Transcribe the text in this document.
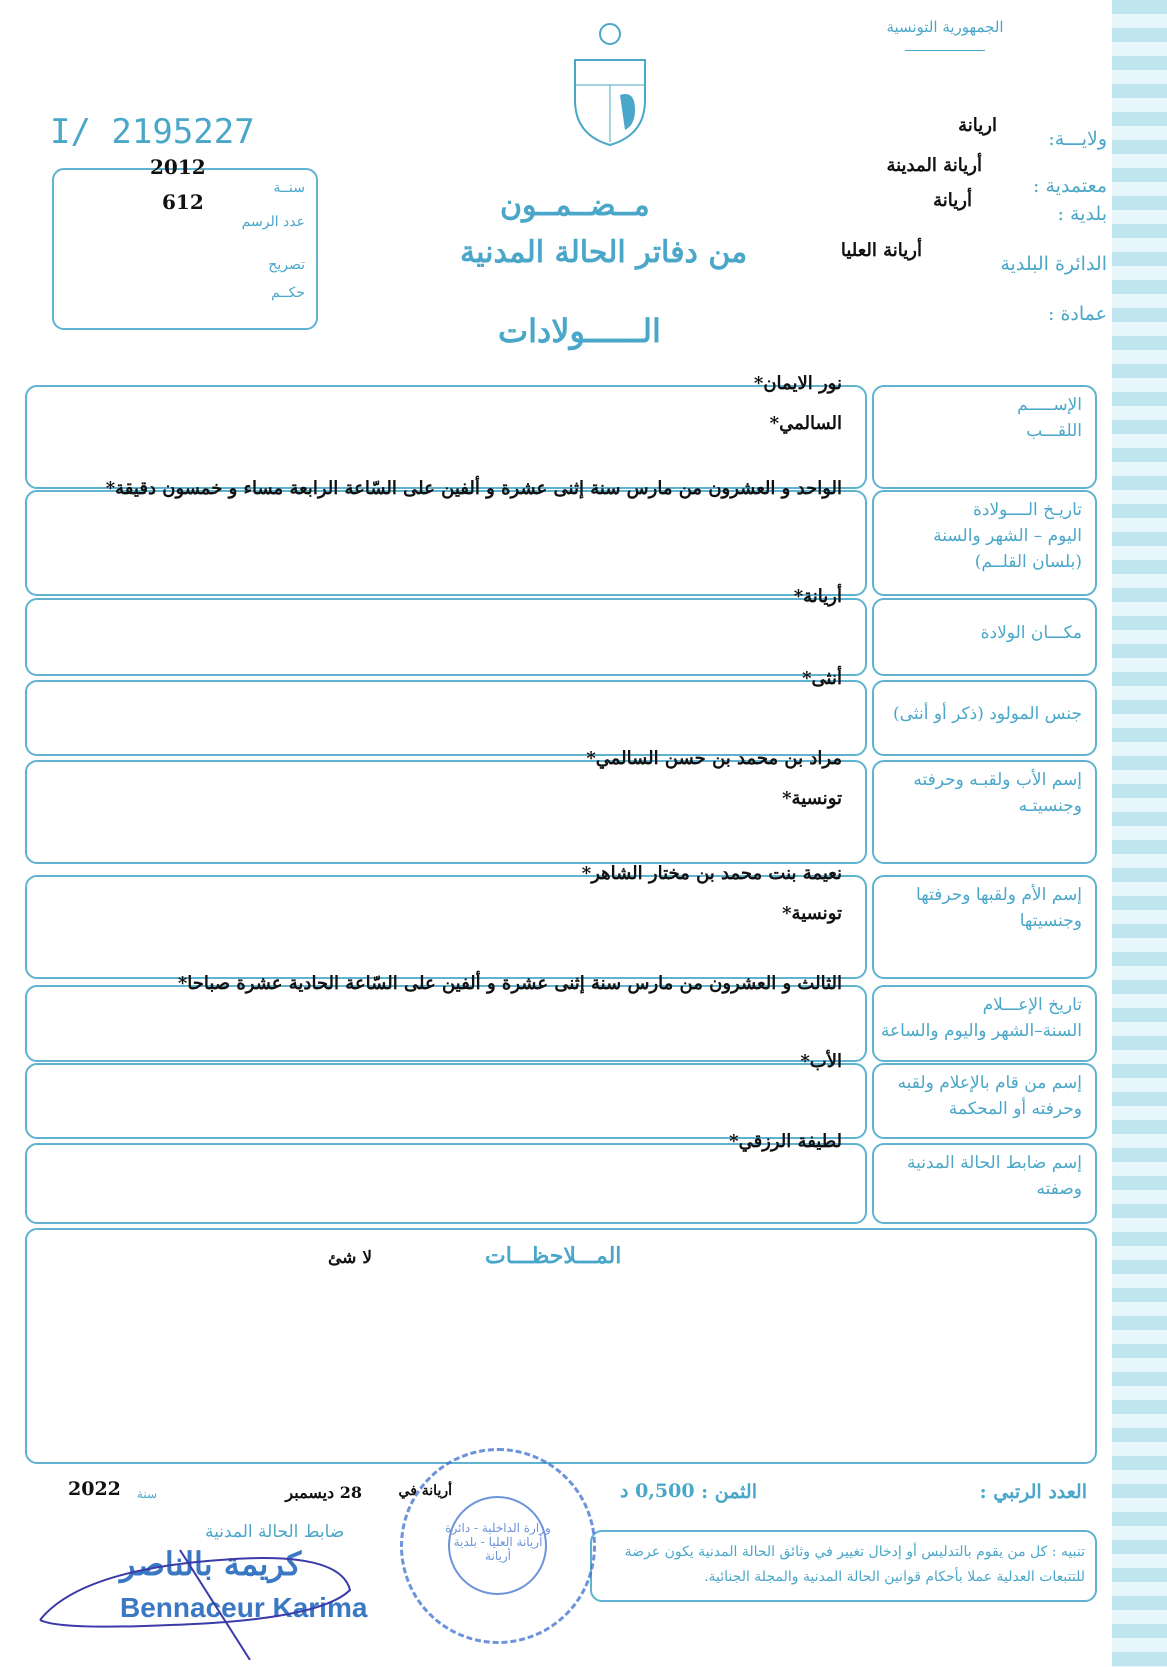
الجمهورية التونسية
I/ 2195227
2012
612
سنــة
عدد الرسم
تصريح
حكــم
مــضــمــون
من دفاتر الحالة المدنية
الــــــولادات
ولايـــة:
اريانة
أريانة المدينة
معتمدية :
أريانة
بلدية :
أريانة العليا
الدائرة البلدية
عمادة :
الإســـــم
اللقـــب
نور الايمان*
السالمي*
تاريـخ الــــولادة
اليوم – الشهر والسنة
(بلسان القلــم)
الواحد و العشرون من مارس سنة إثنى عشرة و ألفين على السّاعة الرابعة مساء و خمسون دقيقة*
مكـــان الولادة
أريانة*
جنس المولود (ذكر أو أنثى)
أنثى*
إسم الأب ولقبـه وحرفته
وجنسيتـه
مراد بن محمد بن حسن السالمي*
تونسية*
إسم الأم ولقبها وحرفتها
وجنسيتها
نعيمة بنت محمد بن مختار الشاهر*
تونسية*
تاريخ الإعـــلام
السنة–الشهر واليوم والساعة
الثالث و العشرون من مارس سنة إثنى عشرة و ألفين على السّاعة الحادية عشرة صباحا*
إسم من قام بالإعلام ولقبه
وحرفته أو المحكمة
الأب*
إسم ضابط الحالة المدنية
وصفته
لطيفة الرزقي*
المـــلاحظـــات
لا شئ
العدد الرتبي :
الثمن :
0,500 د
أريانة في
28 ديسمبر
سنة
2022
تنبيه : كل من يقوم بالتدليس أو إدخال تغيير في وثائق الحالة المدنية يكون عرضة للتتبعات العدلية عملا بأحكام قوانين الحالة المدنية والمجلة الجنائية.
ضابط الحالة المدنية
كريمة بالناصر
Bennaceur Karima
وزارة الداخلية - دائرة أريانة العليا - بلدية أريانة
